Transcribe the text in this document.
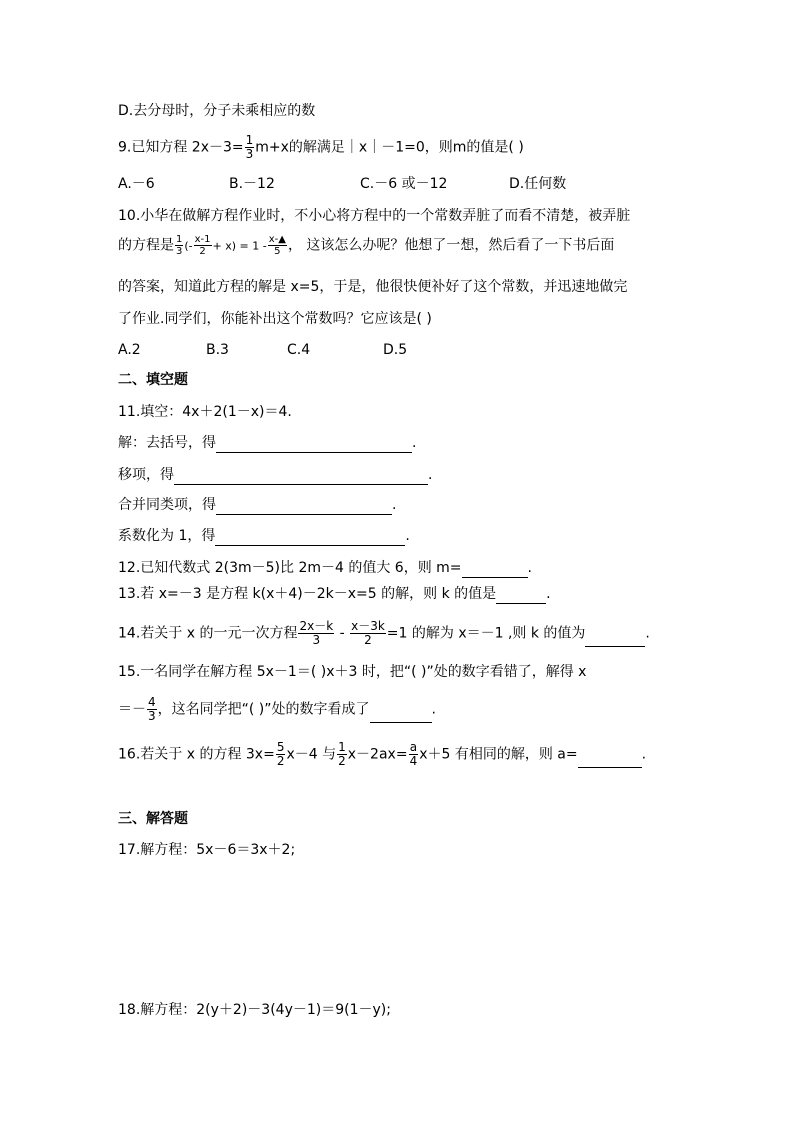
D.去分母时，分子未乘相应的数
9.已知方程 $2x-3= \frac{1}{3} m+x$的解满足｜x｜－1=0，则m的值是( )
A.－6	B.－12	C.－6 或－12	D.任何数
10.小华在做解方程作业时，不小心将方程中的一个常数弄脏了而看不清楚，被弄脏
的方程是 $\frac{1}{3}$ (- $\frac{x-1}{2} + x) = 1 - \frac{x-▲}{5}$ ， 这该怎么办呢？他想了一想，然后看了一下书后面
的答案，知道此方程的解是 x=5，于是，他很快便补好了这个常数，并迅速地做完
了作业.同学们，你能补出这个常数吗？它应该是( )
A.2	B.3	C.4	D.5
二、填空题
11.填空：4x＋2(1－x)＝4.
解：去括号，得	.
移项，得	.
合并同类项，得	.
系数化为 1，得	.
12.已知代数式 2(3m－5)比 2m－4 的值大 6，则 m=	.
13.若 x=－3 是方程 k(x＋4)－2k－x=5 的解，则 k 的值是	.
14.若关于 x 的一元一次方程 $\frac{2x-k}{3} - \frac{x-3k}{2} =1$ 的解为 x＝－1 ,则 k 的值为	.
15.一名同学在解方程 5x－1＝( )x＋3 时，把“( )”处的数字看错了，解得 x
＝－ $\frac{4}{3}$ ，这名同学把“( )”处的数字看成了	.
16.若关于 x 的方程 $3x= \frac{5}{2} x-4$ 与 $\frac{1}{2} x-2ax= \frac{a}{4} x+5$ 有相同的解，则 a=	.
三、解答题
17.解方程：5x－6＝3x＋2;
18.解方程：2(y＋2)－3(4y－1)＝9(1－y);
